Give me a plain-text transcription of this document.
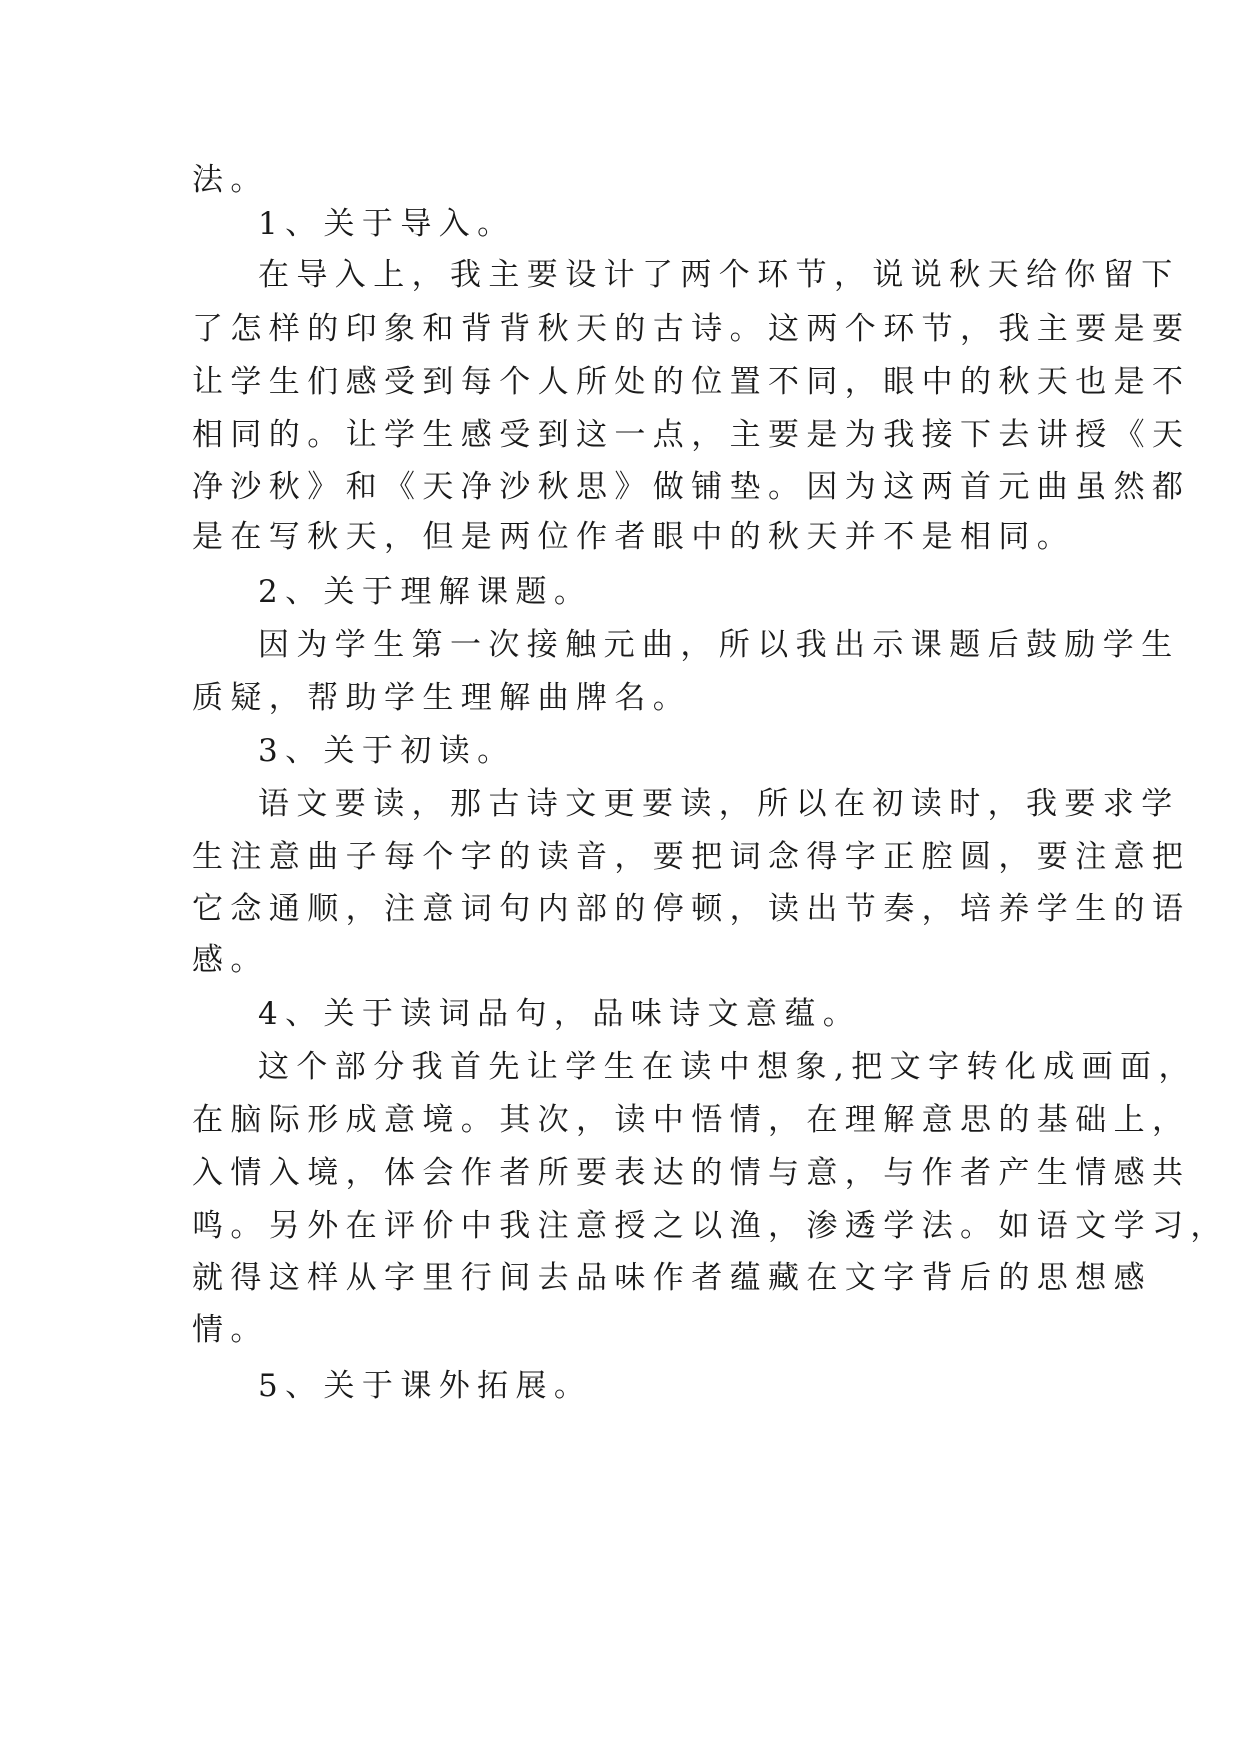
法。
1、关于导入。
在导入上，我主要设计了两个环节，说说秋天给你留下
了怎样的印象和背背秋天的古诗。这两个环节，我主要是要
让学生们感受到每个人所处的位置不同，眼中的秋天也是不
相同的。让学生感受到这一点，主要是为我接下去讲授《天
净沙秋》和《天净沙秋思》做铺垫。因为这两首元曲虽然都
是在写秋天，但是两位作者眼中的秋天并不是相同。
2、关于理解课题。
因为学生第一次接触元曲，所以我出示课题后鼓励学生
质疑，帮助学生理解曲牌名。
3、关于初读。
语文要读，那古诗文更要读，所以在初读时，我要求学
生注意曲子每个字的读音，要把词念得字正腔圆，要注意把
它念通顺，注意词句内部的停顿，读出节奏，培养学生的语
感。
4、关于读词品句，品味诗文意蕴。
这个部分我首先让学生在读中想象,把文字转化成画面，
在脑际形成意境。其次，读中悟情，在理解意思的基础上，
入情入境，体会作者所要表达的情与意，与作者产生情感共
鸣。另外在评价中我注意授之以渔，渗透学法。如语文学习，
就得这样从字里行间去品味作者蕴藏在文字背后的思想感
情。
5、关于课外拓展。
